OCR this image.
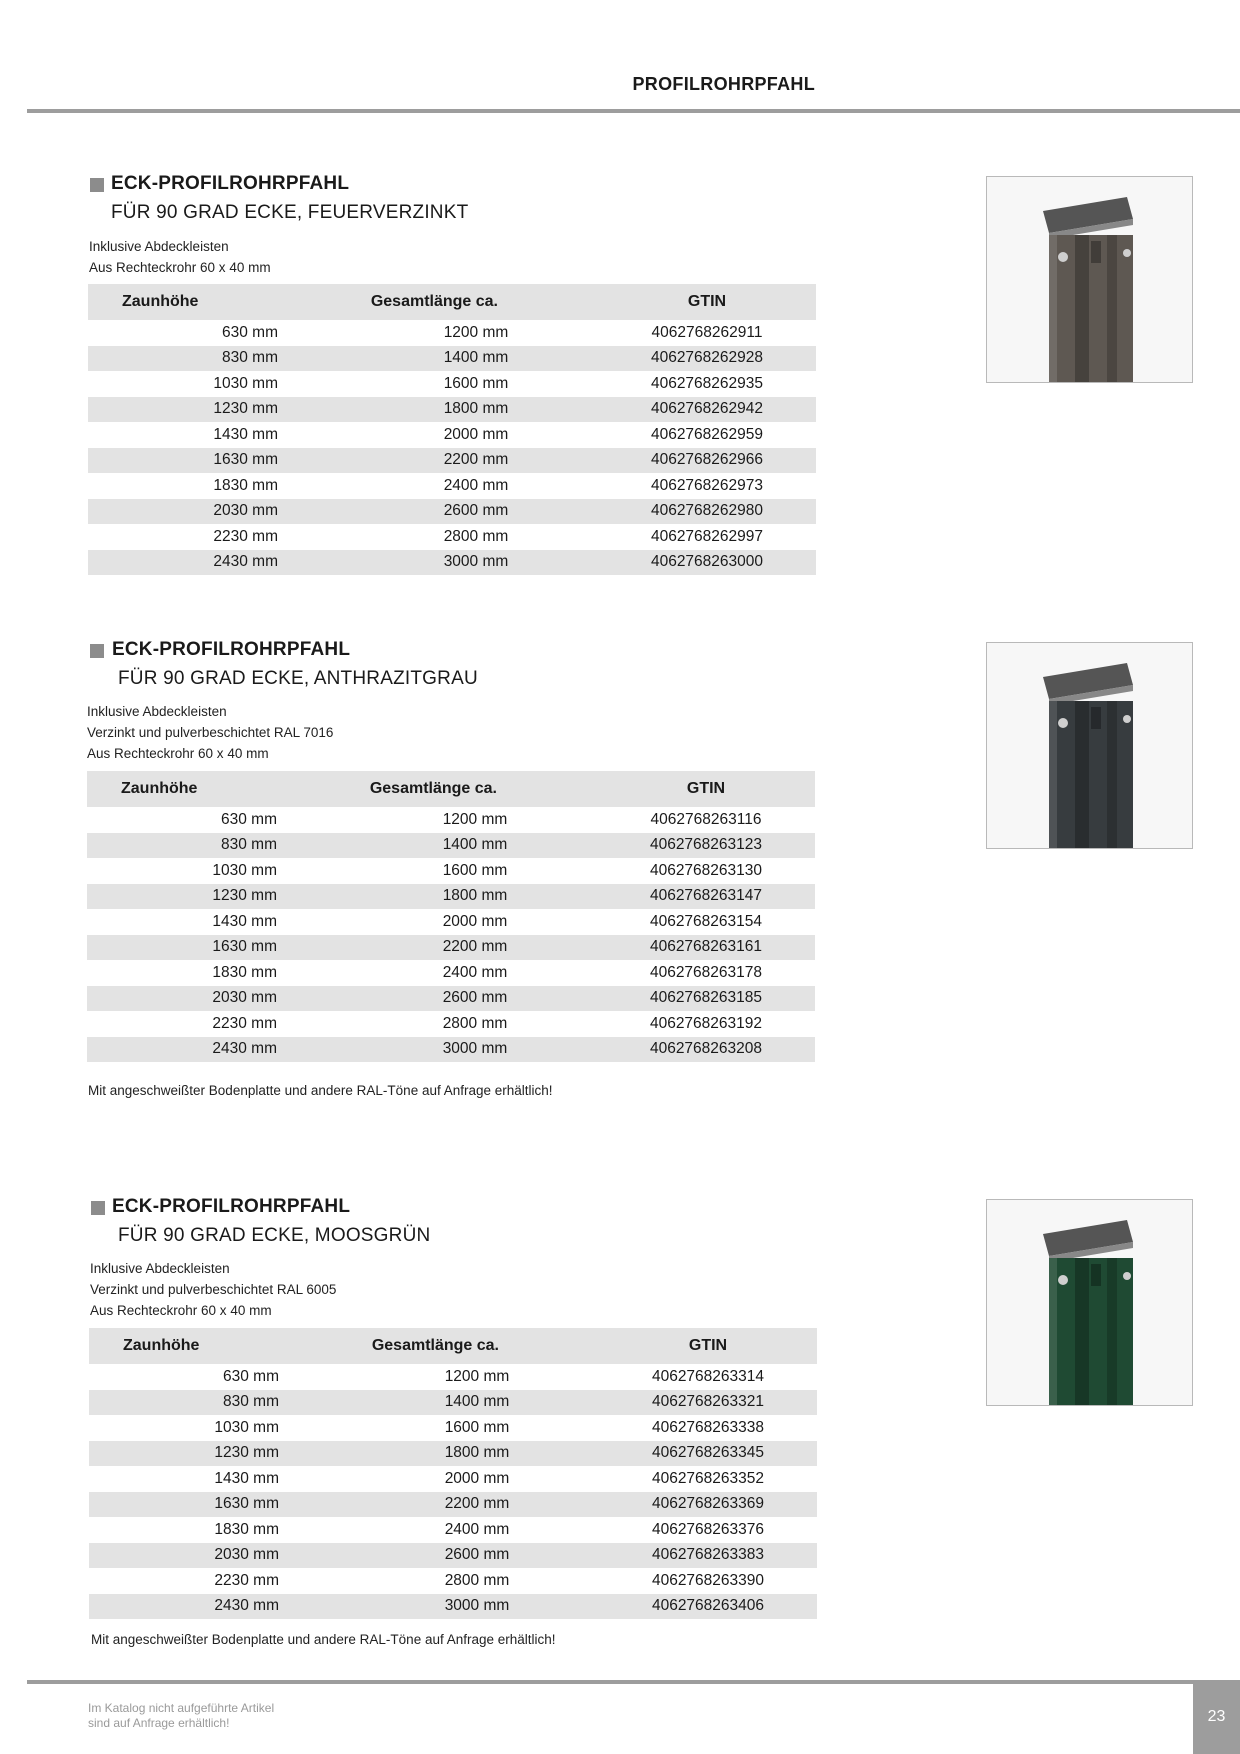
PROFILROHRPFAHL
ECK-PROFILROHRPFAHL
FÜR 90 GRAD ECKE, FEUERVERZINKT
Inklusive Abdeckleisten
Aus Rechteckrohr 60 x 40 mm
Zaunhöhe	Gesamtlänge ca.	GTIN
630 mm	1200 mm	4062768262911
830 mm	1400 mm	4062768262928
1030 mm	1600 mm	4062768262935
1230 mm	1800 mm	4062768262942
1430 mm	2000 mm	4062768262959
1630 mm	2200 mm	4062768262966
1830 mm	2400 mm	4062768262973
2030 mm	2600 mm	4062768262980
2230 mm	2800 mm	4062768262997
2430 mm	3000 mm	4062768263000
ECK-PROFILROHRPFAHL
FÜR 90 GRAD ECKE, ANTHRAZITGRAU
Inklusive Abdeckleisten
Verzinkt und pulverbeschichtet RAL 7016
Aus Rechteckrohr 60 x 40 mm
Zaunhöhe	Gesamtlänge ca.	GTIN
630 mm	1200 mm	4062768263116
830 mm	1400 mm	4062768263123
1030 mm	1600 mm	4062768263130
1230 mm	1800 mm	4062768263147
1430 mm	2000 mm	4062768263154
1630 mm	2200 mm	4062768263161
1830 mm	2400 mm	4062768263178
2030 mm	2600 mm	4062768263185
2230 mm	2800 mm	4062768263192
2430 mm	3000 mm	4062768263208
Mit angeschweißter Bodenplatte und andere RAL-Töne auf Anfrage erhältlich!
ECK-PROFILROHRPFAHL
FÜR 90 GRAD ECKE, MOOSGRÜN
Inklusive Abdeckleisten
Verzinkt und pulverbeschichtet RAL 6005
Aus Rechteckrohr 60 x 40 mm
Zaunhöhe	Gesamtlänge ca.	GTIN
630 mm	1200 mm	4062768263314
830 mm	1400 mm	4062768263321
1030 mm	1600 mm	4062768263338
1230 mm	1800 mm	4062768263345
1430 mm	2000 mm	4062768263352
1630 mm	2200 mm	4062768263369
1830 mm	2400 mm	4062768263376
2030 mm	2600 mm	4062768263383
2230 mm	2800 mm	4062768263390
2430 mm	3000 mm	4062768263406
Mit angeschweißter Bodenplatte und andere RAL-Töne auf Anfrage erhältlich!
Im Katalog nicht aufgeführte Artikel
sind auf Anfrage erhältlich!	23
